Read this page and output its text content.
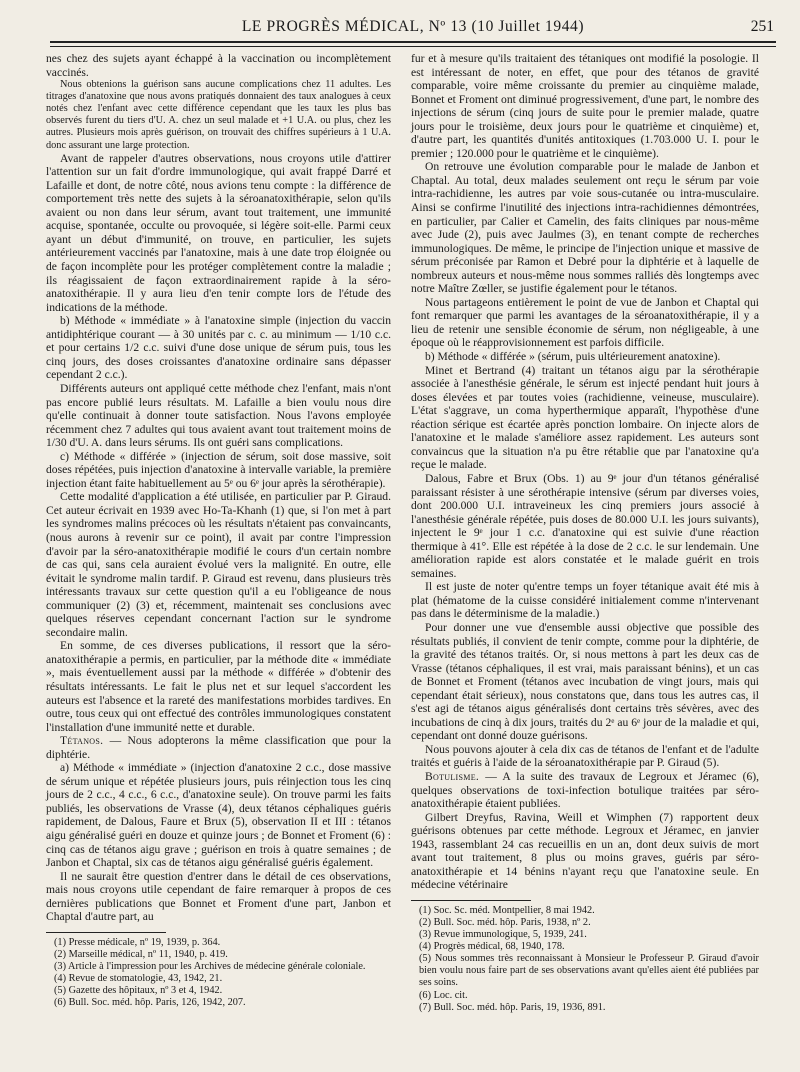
LE PROGRÈS MÉDICAL, Nº 13 (10 Juillet 1944)	251

nes chez des sujets ayant échappé à la vaccination ou incomplètement vaccinés.

Nous obtenions la guérison sans aucune complications chez 11 adultes. Les titrages d'anatoxine que nous avons pratiqués donnaient des taux analogues à ceux notés chez l'enfant avec cette différence cependant que les taux les plus bas observés furent du tiers d'U. A. chez un seul malade et +1 U.A. ou plus, chez les autres. Plusieurs mois après guérison, on trouvait des chiffres supérieurs à 1 U.A. donc assurant une large protection.

Avant de rappeler d'autres observations, nous croyons utile d'attirer l'attention sur un fait d'ordre immunologique, qui avait frappé Darré et Lafaille et dont, de notre côté, nous avions tenu compte : la différence de comportement très nette des sujets à la séroanatoxithérapie, selon qu'ils avaient ou non dans leur sérum, avant tout traitement, une immunité acquise, spontanée, occulte ou provoquée, si légère soit-elle. Parmi ceux ayant un début d'immunité, on trouve, en particulier, les sujets antérieurement vaccinés par l'anatoxine, mais à une date trop éloignée ou de façon incomplète pour les protéger complètement contre la maladie ; ils réagissaient de façon extraordinairement rapide à la séro-anatoxithérapie. Il y aura lieu d'en tenir compte lors de l'étude des indications de la méthode.

b) Méthode « immédiate » à l'anatoxine simple (injection du vaccin antidiphtérique courant — à 30 unités par c. c. au minimum — 1/10 c.c. et pour certains 1/2 c.c. suivi d'une dose unique de sérum puis, tous les cinq jours, des doses croissantes d'anatoxine ordinaire sans dépasser cependant 2 c.c.).

Différents auteurs ont appliqué cette méthode chez l'enfant, mais n'ont pas encore publié leurs résultats. M. Lafaille a bien voulu nous dire qu'elle continuait à donner toute satisfaction. Nous l'avons employée récemment chez 7 adultes qui tous avaient avant tout traitement moins de 1/30 d'U. A. dans leurs sérums. Ils ont guéri sans complications.

c) Méthode « différée » (injection de sérum, soit dose massive, soit doses répétées, puis injection d'anatoxine à intervalle variable, la première injection étant faite habituellement au 5ᵉ ou 6ᵉ jour après la sérothérapie).

Cette modalité d'application a été utilisée, en particulier par P. Giraud. Cet auteur écrivait en 1939 avec Ho-Ta-Khanh (1) que, si l'on met à part les syndromes malins précoces où les résultats n'étaient pas convaincants, (nous aurons à revenir sur ce point), il avait par contre l'impression d'avoir par la séro-anatoxithérapie modifié le cours d'un certain nombre de cas qui, sans cela auraient évolué vers la malignité. En outre, elle évitait le syndrome malin tardif. P. Giraud est revenu, dans plusieurs très intéressants travaux sur cette question qu'il a eu l'obligeance de nous communiquer (2) (3) et, récemment, maintenait ses conclusions avec quelques réserves cependant concernant l'action sur le syndrome secondaire malin.

En somme, de ces diverses publications, il ressort que la séro-anatoxithérapie a permis, en particulier, par la méthode dite « immédiate », mais éventuellement aussi par la méthode « différée » d'obtenir des résultats intéressants. Le fait le plus net et sur lequel s'accordent les auteurs est l'absence et la rareté des manifestations morbides tardives. En outre, tous ceux qui ont effectué des contrôles immunologiques constatent l'installation d'une immunité nette et durable.

Tétanos. — Nous adopterons la même classification que pour la diphtérie.

a) Méthode « immédiate » (injection d'anatoxine 2 c.c., dose massive de sérum unique et répétée plusieurs jours, puis réinjection tous les cinq jours de 2 c.c., 4 c.c., 6 c.c., d'anatoxine seule). On trouve parmi les faits publiés, les observations de Vrasse (4), deux tétanos céphaliques guéris rapidement, de Dalous, Faure et Brux (5), observation II et III : tétanos aigu généralisé guéri en douze et quinze jours ; de Bonnet et Froment (6) : cinq cas de tétanos aigu grave ; guérison en trois à quatre semaines ; de Janbon et Chaptal, six cas de tétanos aigu généralisé guéris également.

Il ne saurait être question d'entrer dans le détail de ces observations, mais nous croyons utile cependant de faire remarquer à propos de ces dernières publications que Bonnet et Froment d'une part, Janbon et Chaptal d'autre part, au

(1) Presse médicale, nº 19, 1939, p. 364.

(2) Marseille médical, nº 11, 1940, p. 419.

(3) Article à l'impression pour les Archives de médecine générale coloniale.

(4) Revue de stomatologie, 43, 1942, 21.

(5) Gazette des hôpitaux, nº 3 et 4, 1942.

(6) Bull. Soc. méd. hôp. Paris, 126, 1942, 207.

fur et à mesure qu'ils traitaient des tétaniques ont modifié la posologie. Il est intéressant de noter, en effet, que pour des tétanos de gravité comparable, voire même croissante du premier au cinquième malade, Bonnet et Froment ont diminué progressivement, d'une part, le nombre des injections de sérum (cinq jours de suite pour le premier malade, quatre jours pour le troisième, deux jours pour le quatrième et cinquième) et, d'autre part, les quantités d'unités antitoxiques (1.703.000 U. I. pour le premier ; 120.000 pour le quatrième et le cinquième).

On retrouve une évolution comparable pour le malade de Janbon et Chaptal. Au total, deux malades seulement ont reçu le sérum par voie intra-rachidienne, les autres par voie sous-cutanée ou intra-musculaire. Ainsi se confirme l'inutilité des injections intra-rachidiennes démontrées, en particulier, par Calier et Camelin, des faits cliniques par nous-même avec Jude (2), puis avec Jaulmes (3), en tenant compte de recherches immunologiques. De même, le principe de l'injection unique et massive de sérum préconisée par Ramon et Debré pour la diphtérie et à laquelle de nombreux auteurs et nous-même nous sommes ralliés dès longtemps avec notre Maître Zœller, se justifie également pour le tétanos.

Nous partageons entièrement le point de vue de Janbon et Chaptal qui font remarquer que parmi les avantages de la séroanatoxithérapie, il y a lieu de retenir une sensible économie de sérum, non négligeable, à une époque où le réapprovisionnement est parfois difficile.

b) Méthode « différée » (sérum, puis ultérieurement anatoxine).

Minet et Bertrand (4) traitant un tétanos aigu par la sérothérapie associée à l'anesthésie générale, le sérum est injecté pendant huit jours à doses élevées et par toutes voies (rachidienne, veineuse, musculaire). L'état s'aggrave, un coma hyperthermique apparaît, l'hypothèse d'une réaction sérique est écartée après ponction lombaire. On injecte alors de l'anatoxine et le malade s'améliore assez rapidement. Les auteurs sont convaincus que la situation n'a pu être rétablie que par l'anatoxine qu'a reçue le malade.

Dalous, Fabre et Brux (Obs. 1) au 9ᵉ jour d'un tétanos généralisé paraissant résister à une sérothérapie intensive (sérum par diverses voies, dont 200.000 U.I. intraveineux les cinq premiers jours associé à l'anesthésie générale répétée, puis doses de 80.000 U.I. les jours suivants), injectent le 9ᵉ jour 1 c.c. d'anatoxine qui est suivie d'une réaction thermique à 41°. Elle est répétée à la dose de 2 c.c. le sur lendemain. Une amélioration rapide est alors constatée et le malade guérit en trois semaines.

Il est juste de noter qu'entre temps un foyer tétanique avait été mis à plat (hématome de la cuisse considéré initialement comme n'intervenant pas dans le déterminisme de la maladie.)

Pour donner une vue d'ensemble aussi objective que possible des résultats publiés, il convient de tenir compte, comme pour la diphtérie, de la gravité des tétanos traités. Or, si nous mettons à part les deux cas de Vrasse (tétanos céphaliques, il est vrai, mais paraissant bénins), et un cas de Bonnet et Froment (tétanos avec incubation de vingt jours, mais qui cependant était sérieux), nous constatons que, dans tous les autres cas, il s'est agi de tétanos aigus généralisés dont certains très sévères, avec des incubations de cinq à dix jours, traités du 2ᵉ au 6ᵉ jour de la maladie et qui, cependant ont donné douze guérisons.

Nous pouvons ajouter à cela dix cas de tétanos de l'enfant et de l'adulte traités et guéris à l'aide de la séroanatoxithérapie par P. Giraud (5).

Botulisme. — A la suite des travaux de Legroux et Jéramec (6), quelques observations de toxi-infection botulique traitées par séro-anatoxithérapie étaient publiées.

Gilbert Dreyfus, Ravina, Weill et Wimphen (7) rapportent deux guérisons obtenues par cette méthode. Legroux et Jéramec, en janvier 1943, rassemblant 24 cas recueillis en un an, dont deux suivis de mort avant tout traitement, 8 plus ou moins graves, guéris par séro-anatoxithérapie et 14 bénins n'ayant reçu que l'anatoxine seule. En médecine vétérinaire

(1) Soc. Sc. méd. Montpellier, 8 mai 1942.

(2) Bull. Soc. méd. hôp. Paris, 1938, nº 2.

(3) Revue immunologique, 5, 1939, 241.

(4) Progrès médical, 68, 1940, 178.

(5) Nous sommes très reconnaissant à Monsieur le Professeur P. Giraud d'avoir bien voulu nous faire part de ses observations avant qu'elles aient été publiées par ses soins.

(6) Loc. cit.

(7) Bull. Soc. méd. hôp. Paris, 19, 1936, 891.
